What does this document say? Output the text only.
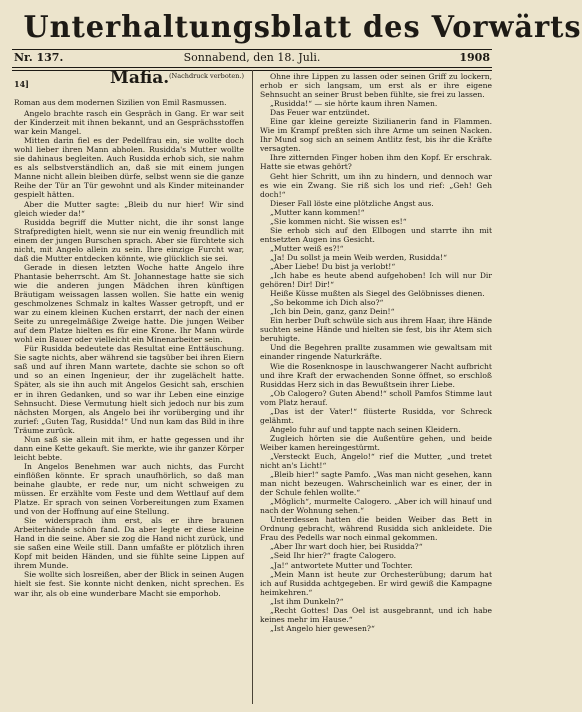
Unterhaltungsblatt des Vorwärts
Nr. 137.	Sonnabend, den 18. Juli.	1908
14]	Mafia. (Nachdruck verboten.)
Roman aus dem modernen Sizilien von Emil Rasmussen.

Angelo brachte rasch ein Gespräch in Gang. Er war seit der Kinderzeit mit ihnen bekannt, und an Gesprächsstoffen war kein Mangel.

Mitten darin fiel es der Pedellfrau ein, sie wollte doch wohl lieber ihren Mann abholen. Rusidda's Mutter wollte sie dahinaus begleiten. Auch Rusidda erhob sich, sie nahm es als selbstverständlich an, daß sie mit einem jungen Manne nicht allein bleiben dürfe, selbst wenn sie die ganze Reihe der Tür an Tür gewohnt und als Kinder miteinander gespielt hätten.

Aber die Mutter sagte: „Bleib du nur hier! Wir sind gleich wieder da!“

Rusidda begriff die Mutter nicht, die ihr sonst lange Strafpredigten hielt, wenn sie nur ein wenig freundlich mit einem der jungen Burschen sprach. Aber sie fürchtete sich nicht, mit Angelo allein zu sein. Ihre einzige Furcht war, daß die Mutter entdecken könnte, wie glücklich sie sei.

Gerade in diesen letzten Woche hatte Angelo ihre Phantasie beherrscht. Am St. Johannestage hatte sie sich wie die anderen jungen Mädchen ihren künftigen Bräutigam weissagen lassen wollen. Sie hatte ein wenig geschmolzenes Schmalz in kaltes Wasser getropft, und er war zu einem kleinen Kuchen erstarrt, der nach der einen Seite zu unregelmäßige Zweige hatte. Die jungen Weiber auf dem Platze hielten es für eine Krone. Ihr Mann würde wohl ein Bauer oder vielleicht ein Minenarbeiter sein.

Für Rusidda bedeutete das Resultat eine Enttäuschung. Sie sagte nichts, aber während sie tagsüber bei ihren Eiern saß und auf ihren Mann wartete, dachte sie schon so oft und so an einen Ingenieur, der ihr zugelächelt hatte. Später, als sie ihn auch mit Angelos Gesicht sah, erschien er in ihren Gedanken, und so war ihr Leben eine einzige Sehnsucht. Diese Vermutung hielt sich jedoch nur bis zum nächsten Morgen, als Angelo bei ihr vorüberging und ihr zurief: „Guten Tag, Rusidda!“ Und nun kam das Bild in ihre Träume zurück.

Nun saß sie allein mit ihm, er hatte gegessen und ihr dann eine Kette gekauft. Sie merkte, wie ihr ganzer Körper leicht bebte.

In Angelos Benehmen war auch nichts, das Furcht einflößen könnte. Er sprach unaufhörlich, so daß man beinahe glaubte, er rede nur, um nicht schweigen zu müssen. Er erzählte vom Feste und dem Wettlauf auf dem Platze. Er sprach von seinen Vorbereitungen zum Examen und von der Hoffnung auf eine Stellung.

Sie widersprach ihm erst, als er ihre braunen Arbeiterhände schön fand. Da aber legte er diese kleine Hand in die seine. Aber sie zog die Hand nicht zurück, und sie saßen eine Weile still. Dann umfaßte er plötzlich ihren Kopf mit beiden Händen, und sie fühlte seine Lippen auf ihrem Munde.

Sie wollte sich losreißen, aber der Blick in seinen Augen hielt sie fest. Sie konnte nicht denken, nicht sprechen. Es war ihr, als ob eine wunderbare Macht sie emporhob.

Ohne ihre Lippen zu lassen oder seinen Griff zu lockern, erhob er sich langsam, um erst als er ihre eigene Sehnsucht an seiner Brust beben fühlte, sie frei zu lassen.

„Rusidda!“ — sie hörte kaum ihren Namen.

Das Feuer war entzündet.

Eine gar kleine gereizte Sizilianerin fand in Flammen. Wie im Krampf preßten sich ihre Arme um seinen Nacken. Ihr Mund sog sich an seinem Antlitz fest, bis ihr die Kräfte versagten.

Ihre zitternden Finger hoben ihm den Kopf. Er erschrak. Hatte sie etwas gehört?

Geht hier Schritt, um ihn zu hindern, und dennoch war es wie ein Zwang. Sie riß sich los und rief: „Geh! Geh doch!“

Dieser Fall löste eine plötzliche Angst aus.

„Mutter kann kommen!“

„Sie kommen nicht. Sie wissen es!“

Sie erhob sich auf den Ellbogen und starrte ihn mit entsetzten Augen ins Gesicht.

„Mutter weiß es?!“

„Ja! Du sollst ja mein Weib werden, Rusidda!“

„Aber Liebe! Du bist ja verlobt!“

„Ich habe es heute abend aufgehoben! Ich will nur Dir gehören! Dir! Dir!“

Heiße Küsse mußten als Siegel des Gelöbnisses dienen.

„So bekomme ich Dich also?“

„Ich bin Dein, ganz, ganz Dein!“

Ein herber Duft schwüle sich aus ihrem Haar, ihre Hände suchten seine Hände und hielten sie fest, bis ihr Atem sich beruhigte.

Und die Begehren prallte zusammen wie gewaltsam mit einander ringende Naturkräfte.

Wie die Rosenknospe in lauschwangerer Nacht aufbricht und ihre Kraft der erwachenden Sonne öffnet, so erschloß Rusiddas Herz sich in das Bewußtsein ihrer Liebe.

„Ob Calogero? Guten Abend!“ scholl Pamfos Stimme laut vom Platz herauf.

„Das ist der Vater!“ flüsterte Rusidda, vor Schreck gelähmt.

Angelo fuhr auf und tappte nach seinen Kleidern.

Zugleich hörten sie die Außentüre gehen, und beide Weiber kamen hereingestürmt.

„Versteckt Euch, Angelo!“ rief die Mutter, „und tretet nicht an's Licht!“

„Bleib hier!“ sagte Pamfo. „Was man nicht gesehen, kann man nicht bezeugen. Wahrscheinlich war es einer, der in der Schule fehlen wollte.“

„Möglich“, murmelte Calogero. „Aber ich will hinauf und nach der Wohnung sehen.“

Unterdessen hatten die beiden Weiber das Bett in Ordnung gebracht, während Rusidda sich ankleidete. Die Frau des Pedells war noch einmal gekommen.

„Aber Ihr wart doch hier, bei Rusidda?“

„Seid Ihr hier?“ fragte Calogero.

„Ja!“ antwortete Mutter und Tochter.

„Mein Mann ist heute zur Orchesterübung; darum hat ich auf Rusidda achtgegeben. Er wird gewiß die Kampagne heimkehren.“

„Ist ihm Dunkeln?“

„Recht Gottes! Das Oel ist ausgebrannt, und ich habe keines mehr im Hause.“

„Ist Angelo hier gewesen?“
